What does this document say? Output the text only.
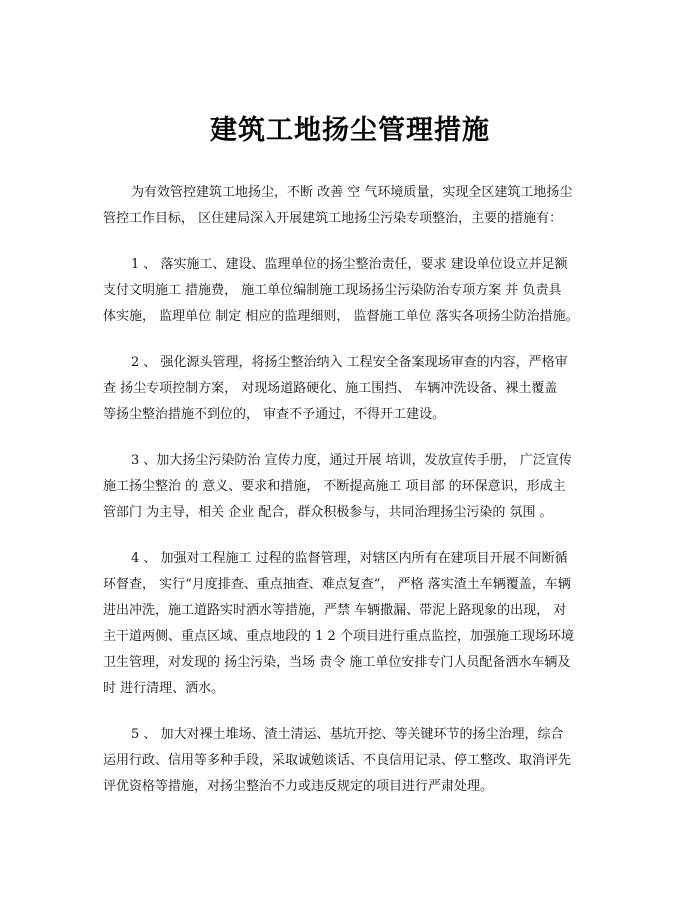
建筑工地扬尘管理措施
为有效管控建筑工地扬尘，不断 改善 空 气环境质量，实现全区建筑工地扬尘
管控工作目标， 区住建局深入开展建筑工地扬尘污染专项整治，主要的措施有：
1 、 落实施工、建设、监理单位的扬尘整治责任，要求 建设单位设立并足额
支付文明施工 措施费， 施工单位编制施工现场扬尘污染防治专项方案 并 负责具
体实施， 监理单位 制定 相应的监理细则， 监督施工单位 落实各项扬尘防治措施。
2 、 强化源头管理，将扬尘整治纳入 工程安全备案现场审查的内容，严格审
查 扬尘专项控制方案， 对现场道路硬化、施工围挡、 车辆冲洗设备、裸土覆盖
等扬尘整治措施不到位的， 审查不予通过，不得开工建设。
3 、加大扬尘污染防治 宣传力度，通过开展 培训，发放宣传手册， 广泛宣传
施工扬尘整治 的 意义、要求和措施， 不断提高施工 项目部 的环保意识，形成主
管部门 为主导，相关 企业 配合，群众积极参与，共同治理扬尘污染的 氛围 。
4 、 加强对工程施工 过程的监督管理，对辖区内所有在建项目开展不间断循
环督查， 实行“月度排查、重点抽查、难点复查”， 严格 落实渣土车辆覆盖，车辆
进出冲洗，施工道路实时洒水等措施，严禁 车辆撒漏、带泥上路现象的出现， 对
主干道两侧、重点区域、重点地段的 1 2 个项目进行重点监控，加强施工现场环境
卫生管理，对发现的 扬尘污染，当场 责令 施工单位安排专门人员配备洒水车辆及
时 进行清理、洒水。
5 、 加大对裸土堆场、渣土清运、基坑开挖、等关键环节的扬尘治理，综合
运用行政、信用等多种手段，采取诚勉谈话、不良信用记录、停工整改、取消评先
评优资格等措施，对扬尘整治不力或违反规定的项目进行严肃处理。
